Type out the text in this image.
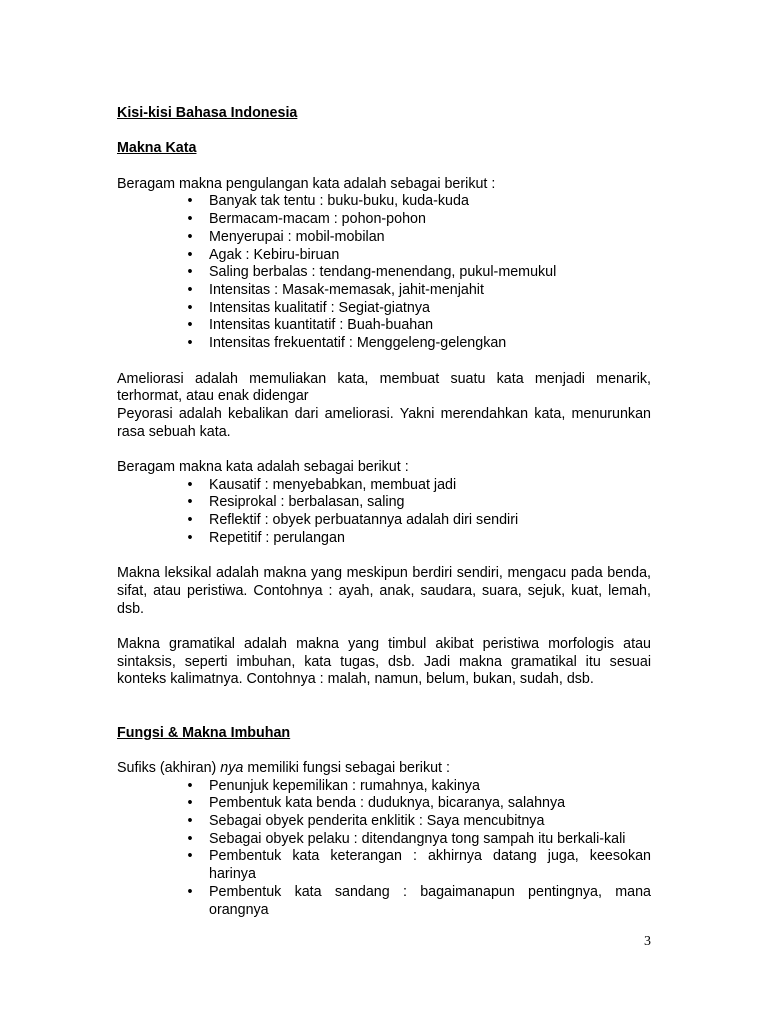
Kisi-kisi Bahasa Indonesia
Makna Kata

Beragam makna pengulangan kata adalah sebagai berikut :

• Banyak tak tentu : buku-buku, kuda-kuda
• Bermacam-macam : pohon-pohon
• Menyerupai : mobil-mobilan
• Agak : Kebiru-biruan
• Saling berbalas : tendang-menendang, pukul-memukul
• Intensitas : Masak-memasak, jahit-menjahit
• Intensitas kualitatif : Segiat-giatnya
• Intensitas kuantitatif : Buah-buahan
• Intensitas frekuentatif : Menggeleng-gelengkan

Ameliorasi adalah memuliakan kata, membuat suatu kata menjadi menarik, terhormat, atau enak didengar

Peyorasi adalah kebalikan dari ameliorasi. Yakni merendahkan kata, menurunkan rasa sebuah kata.

Beragam makna kata adalah sebagai berikut :

• Kausatif : menyebabkan, membuat jadi
• Resiprokal : berbalasan, saling
• Reflektif : obyek perbuatannya adalah diri sendiri
• Repetitif : perulangan

Makna leksikal adalah makna yang meskipun berdiri sendiri, mengacu pada benda, sifat, atau peristiwa. Contohnya : ayah, anak, saudara, suara, sejuk, kuat, lemah, dsb.

Makna gramatikal adalah makna yang timbul akibat peristiwa morfologis atau sintaksis, seperti imbuhan, kata tugas, dsb. Jadi makna gramatikal itu sesuai konteks kalimatnya. Contohnya : malah, namun, belum, bukan, sudah, dsb.

Fungsi & Makna Imbuhan

Sufiks (akhiran) nya memiliki fungsi sebagai berikut :

• Penunjuk kepemilikan : rumahnya, kakinya
• Pembentuk kata benda : duduknya, bicaranya, salahnya
• Sebagai obyek penderita enklitik : Saya mencubitnya
• Sebagai obyek pelaku : ditendangnya tong sampah itu berkali-kali
• Pembentuk kata keterangan : akhirnya datang juga, keesokan harinya
• Pembentuk kata sandang : bagaimanapun pentingnya, mana orangnya
3
